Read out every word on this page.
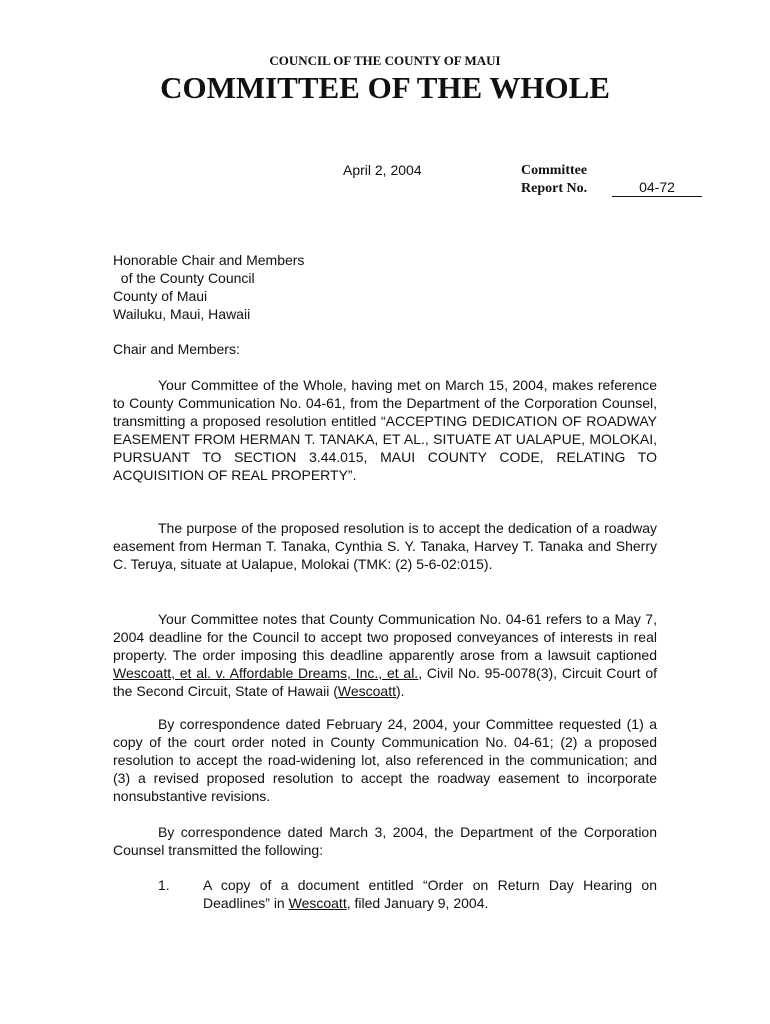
COUNCIL OF THE COUNTY OF MAUI
COMMITTEE OF THE WHOLE
April 2, 2004	Committee
Report No.	04-72
Honorable Chair and Members
of the County Council
County of Maui
Wailuku, Maui, Hawaii
Chair and Members:
Your Committee of the Whole, having met on March 15, 2004, makes reference to County Communication No. 04-61, from the Department of the Corporation Counsel, transmitting a proposed resolution entitled “ACCEPTING DEDICATION OF ROADWAY EASEMENT FROM HERMAN T. TANAKA, ET AL., SITUATE AT UALAPUE, MOLOKAI, PURSUANT TO SECTION 3.44.015, MAUI COUNTY CODE, RELATING TO ACQUISITION OF REAL PROPERTY”.
The purpose of the proposed resolution is to accept the dedication of a roadway easement from Herman T. Tanaka, Cynthia S. Y. Tanaka, Harvey T. Tanaka and Sherry C. Teruya, situate at Ualapue, Molokai (TMK: (2) 5-6-02:015).
Your Committee notes that County Communication No. 04-61 refers to a May 7, 2004 deadline for the Council to accept two proposed conveyances of interests in real property. The order imposing this deadline apparently arose from a lawsuit captioned Wescoatt, et al. v. Affordable Dreams, Inc., et al., Civil No. 95-0078(3), Circuit Court of the Second Circuit, State of Hawaii (Wescoatt).
By correspondence dated February 24, 2004, your Committee requested (1) a copy of the court order noted in County Communication No. 04-61; (2) a proposed resolution to accept the road-widening lot, also referenced in the communication; and (3) a revised proposed resolution to accept the roadway easement to incorporate nonsubstantive revisions.
By correspondence dated March 3, 2004, the Department of the Corporation Counsel transmitted the following:
1. A copy of a document entitled “Order on Return Day Hearing on Deadlines” in Wescoatt, filed January 9, 2004.
